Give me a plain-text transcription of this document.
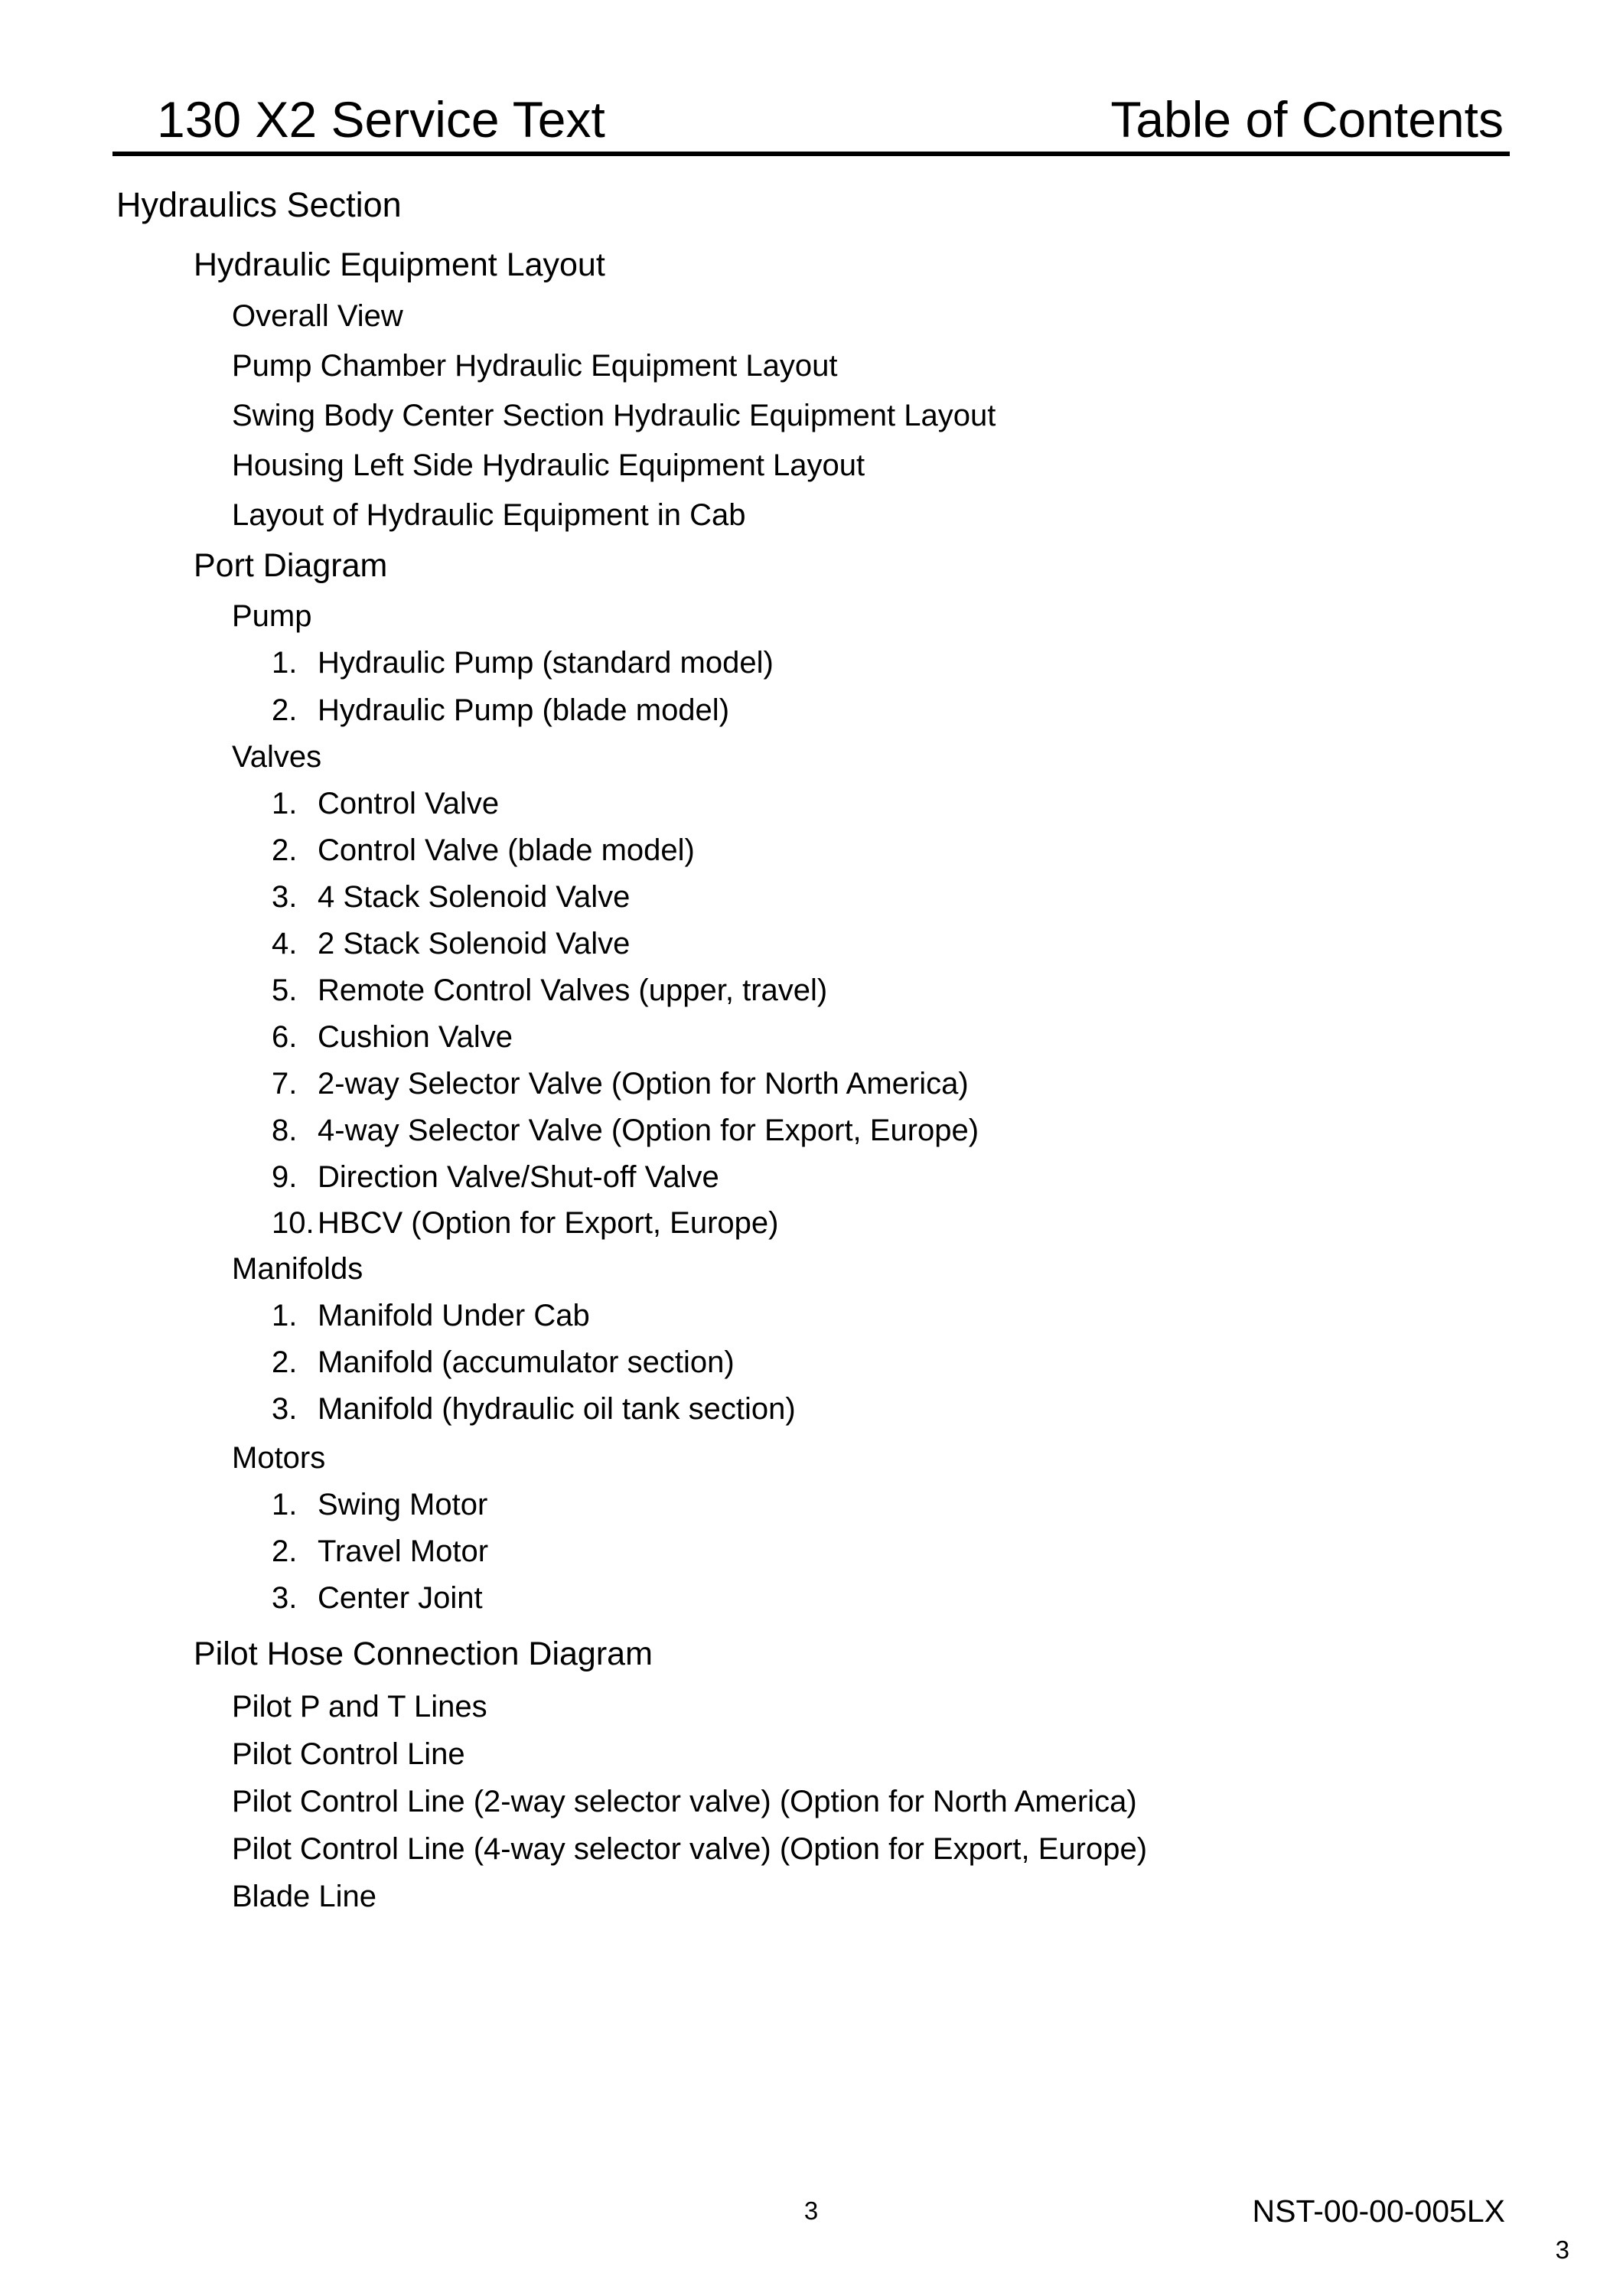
130 X2 Service Text	Table of Contents
Hydraulics Section
Hydraulic Equipment Layout
Overall View
Pump Chamber Hydraulic Equipment Layout
Swing Body Center Section Hydraulic Equipment Layout
Housing Left Side Hydraulic Equipment Layout
Layout of Hydraulic Equipment in Cab
Port Diagram
Pump
1. Hydraulic Pump (standard model)
2. Hydraulic Pump (blade model)
Valves
1. Control Valve
2. Control Valve (blade model)
3. 4 Stack Solenoid Valve
4. 2 Stack Solenoid Valve
5. Remote Control Valves (upper, travel)
6. Cushion Valve
7. 2-way Selector Valve (Option for North America)
8. 4-way Selector Valve (Option for Export, Europe)
9. Direction Valve/Shut-off Valve
10. HBCV (Option for Export, Europe)
Manifolds
1. Manifold Under Cab
2. Manifold (accumulator section)
3. Manifold (hydraulic oil tank section)
Motors
1. Swing Motor
2. Travel Motor
3. Center Joint
Pilot Hose Connection Diagram
Pilot P and T Lines
Pilot Control Line
Pilot Control Line (2-way selector valve) (Option for North America)
Pilot Control Line (4-way selector valve) (Option for Export, Europe)
Blade Line
3	NST-00-00-005LX
3
